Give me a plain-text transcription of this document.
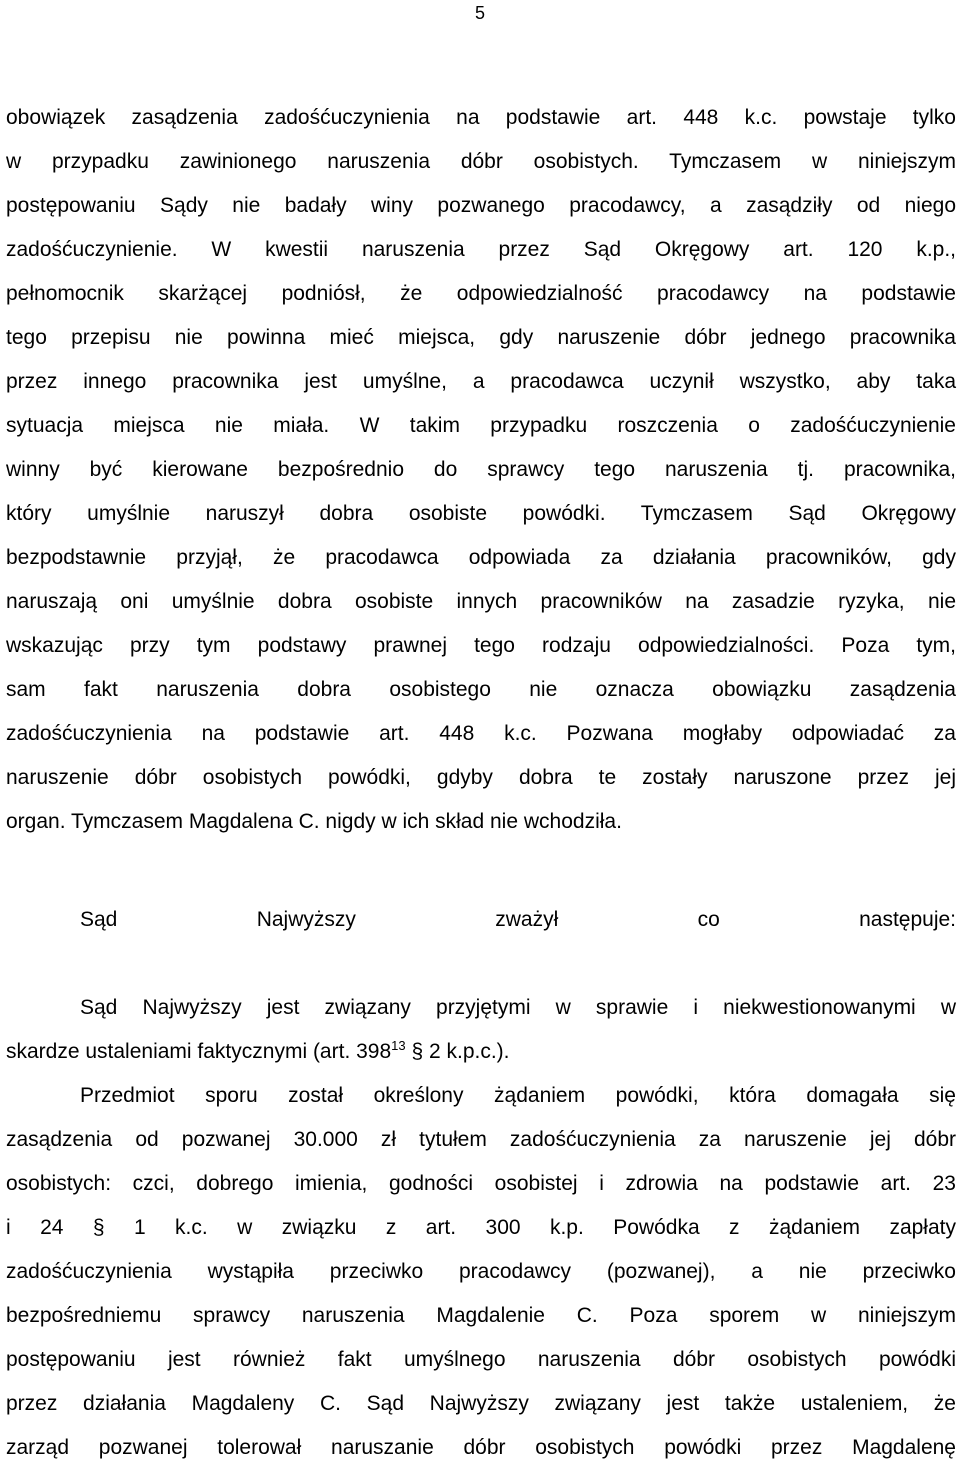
5
obowiązek zasądzenia zadośćuczynienia na podstawie art. 448 k.c. powstaje tylko
w przypadku zawinionego naruszenia dóbr osobistych. Tymczasem w niniejszym
postępowaniu Sądy nie badały winy pozwanego pracodawcy, a zasądziły od niego
zadośćuczynienie. W kwestii naruszenia przez Sąd Okręgowy art. 120 k.p.,
pełnomocnik skarżącej podniósł, że odpowiedzialność pracodawcy na podstawie
tego przepisu nie powinna mieć miejsca, gdy naruszenie dóbr jednego pracownika
przez innego pracownika jest umyślne, a pracodawca uczynił wszystko, aby taka
sytuacja miejsca nie miała. W takim przypadku roszczenia o zadośćuczynienie
winny być kierowane bezpośrednio do sprawcy tego naruszenia tj. pracownika,
który umyślnie naruszył dobra osobiste powódki. Tymczasem Sąd Okręgowy
bezpodstawnie przyjął, że pracodawca odpowiada za działania pracowników, gdy
naruszają oni umyślnie dobra osobiste innych pracowników na zasadzie ryzyka, nie
wskazując przy tym podstawy prawnej tego rodzaju odpowiedzialności. Poza tym,
sam fakt naruszenia dobra osobistego nie oznacza obowiązku zasądzenia
zadośćuczynienia na podstawie art. 448 k.c. Pozwana mogłaby odpowiadać za
naruszenie dóbr osobistych powódki, gdyby dobra te zostały naruszone przez jej
organ. Tymczasem Magdalena C. nigdy w ich skład nie wchodziła.
Sąd Najwyższy zważył co następuje:
Sąd Najwyższy jest związany przyjętymi w sprawie i niekwestionowanymi w
skardze ustaleniami faktycznymi (art. $398^{13}$ § 2 k.p.c.).
Przedmiot sporu został określony żądaniem powódki, która domagała się
zasądzenia od pozwanej 30.000 zł tytułem zadośćuczynienia za naruszenie jej dóbr
osobistych: czci, dobrego imienia, godności osobistej i zdrowia na podstawie art. 23
i 24 § 1 k.c. w związku z art. 300 k.p. Powódka z żądaniem zapłaty
zadośćuczynienia wystąpiła przeciwko pracodawcy (pozwanej), a nie przeciwko
bezpośredniemu sprawcy naruszenia Magdalenie C. Poza sporem w niniejszym
postępowaniu jest również fakt umyślnego naruszenia dóbr osobistych powódki
przez działania Magdaleny C. Sąd Najwyższy związany jest także ustaleniem, że
zarząd pozwanej tolerował naruszanie dóbr osobistych powódki przez Magdalenę
